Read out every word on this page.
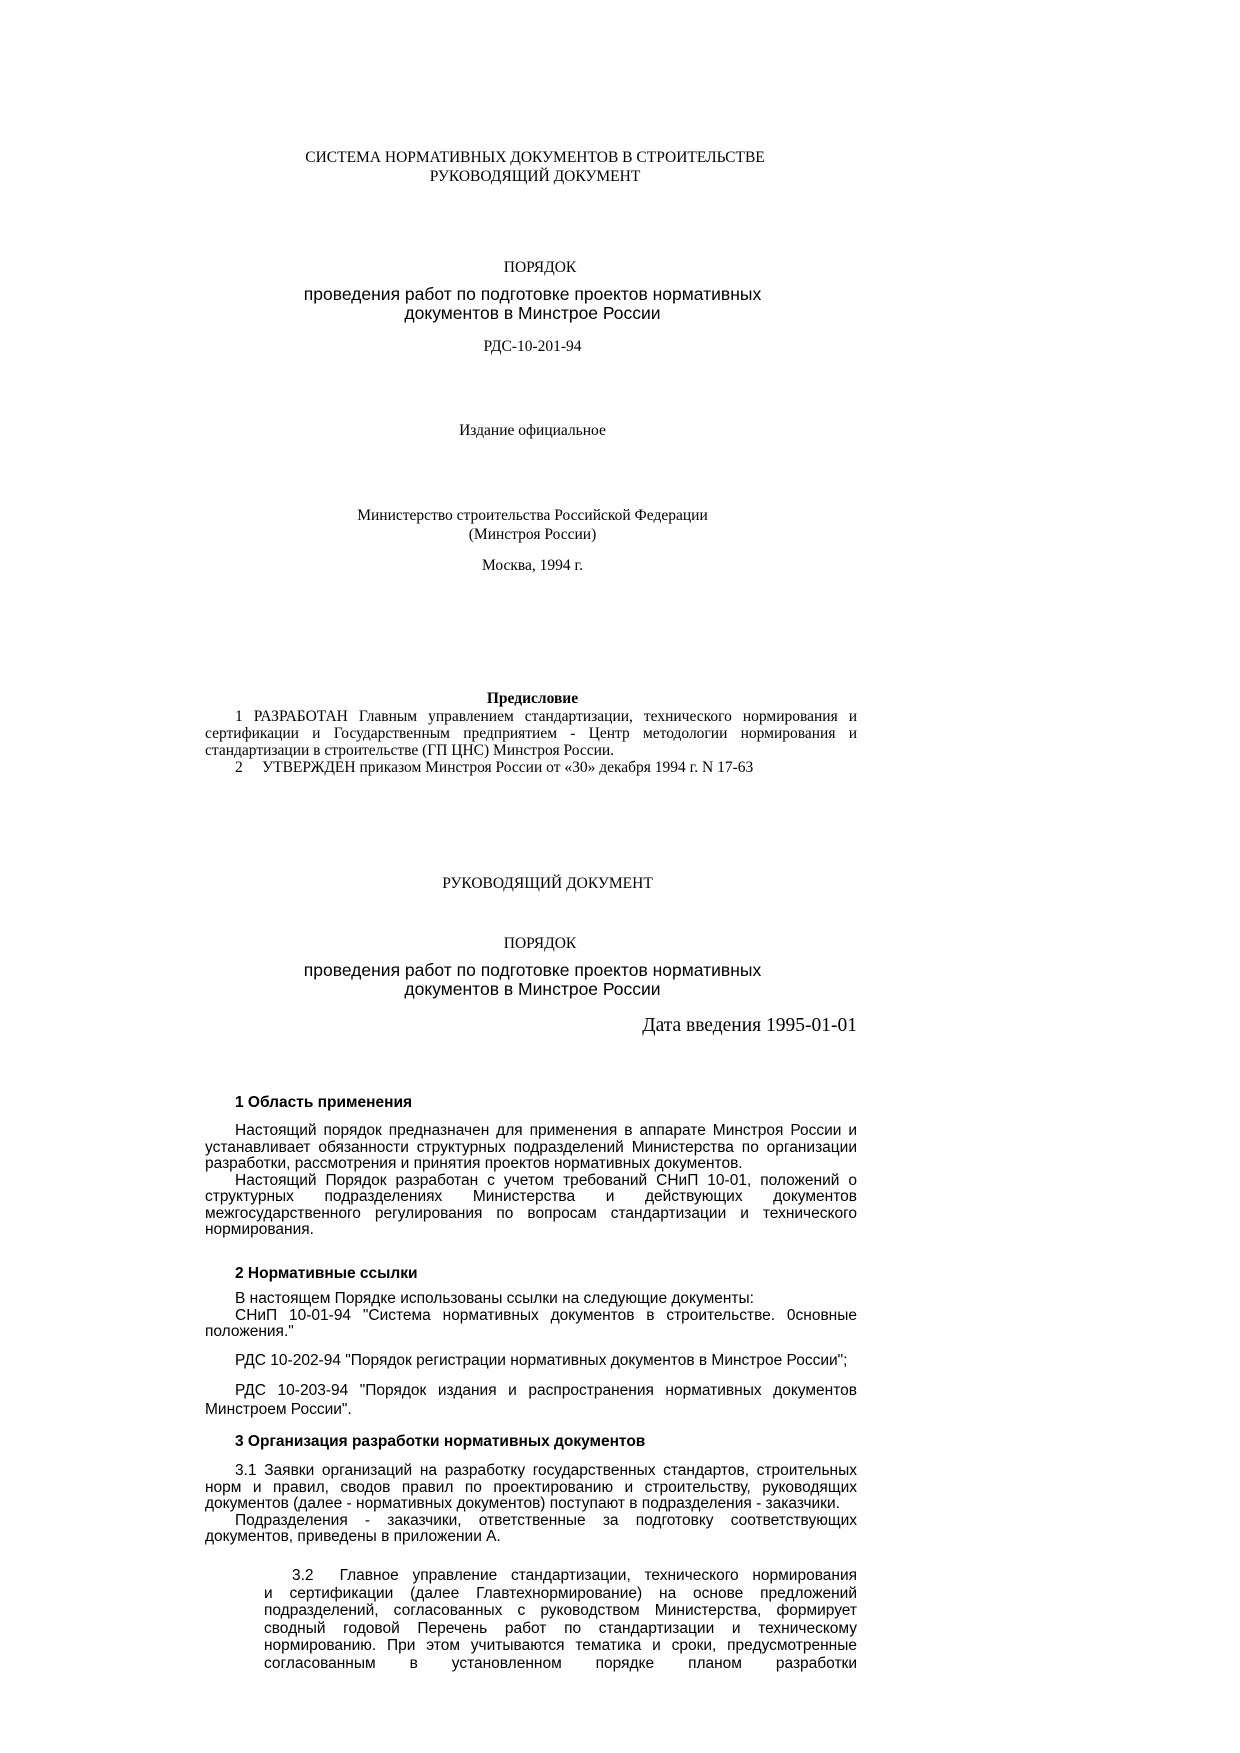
СИСТЕМА НОРМАТИВНЫХ ДОКУМЕНТОВ В СТРОИТЕЛЬСТВЕ
РУКОВОДЯЩИЙ ДОКУМЕНТ
ПОРЯДОК
проведения работ по подготовке проектов нормативных
документов в Минстрое России
РДС-10-201-94
Издание официальное
Министерство строительства Российской Федерации
(Минстроя России)
Москва, 1994 г.
Предисловие
1 РАЗРАБОТАН Главным управлением стандартизации, технического нормирования и
сертификации и Государственным предприятием - Центр методологии нормирования и
стандартизации в строительстве (ГП ЦНС) Минстроя России.
2     УТВЕРЖДЕН приказом Минстроя России от «30» декабря 1994 г. N 17-63
РУКОВОДЯЩИЙ ДОКУМЕНТ
ПОРЯДОК
проведения работ по подготовке проектов нормативных
документов в Минстрое России
Дата введения 1995-01-01
1 Область применения

Настоящий порядок предназначен для применения в аппарате Минстроя России и устанавливает обязанности структурных подразделений Министерства по организации разработки, рассмотрения и принятия проектов нормативных документов.

Настоящий Порядок разработан с учетом требований СНиП 10-01, положений о структурных подразделениях Министерства и действующих документов межгосударственного регулирования по вопросам стандартизации и технического нормирования.

2 Нормативные ссылки

В настоящем Порядке использованы ссылки на следующие документы:

СНиП 10-01-94 "Система нормативных документов в строительстве. 0сновные положения."

РДС 10-202-94 "Порядок регистрации нормативных документов в Минстрое России";

РДС 10-203-94 "Порядок издания и распространения нормативных документов Минстроем России".

3 Организация разработки нормативных документов

3.1 Заявки организаций на разработку государственных стандартов, строительных норм и правил, сводов правил по проектированию и строительству, руководящих документов (далее - нормативных документов) поступают в подразделения - заказчики.

Подразделения - заказчики, ответственные за подготовку соответствующих документов, приведены в приложении А.

3.2 Главное управление стандартизации, технического нормирования
и сертификации (далее Главтехнормирование) на основе предложений подразделений, согласованных с руководством Министерства, формирует сводный годовой Перечень работ по стандартизации и техническому нормированию. При этом учитываются тематика и сроки, предусмотренные согласованным в установленном порядке планом разработки
